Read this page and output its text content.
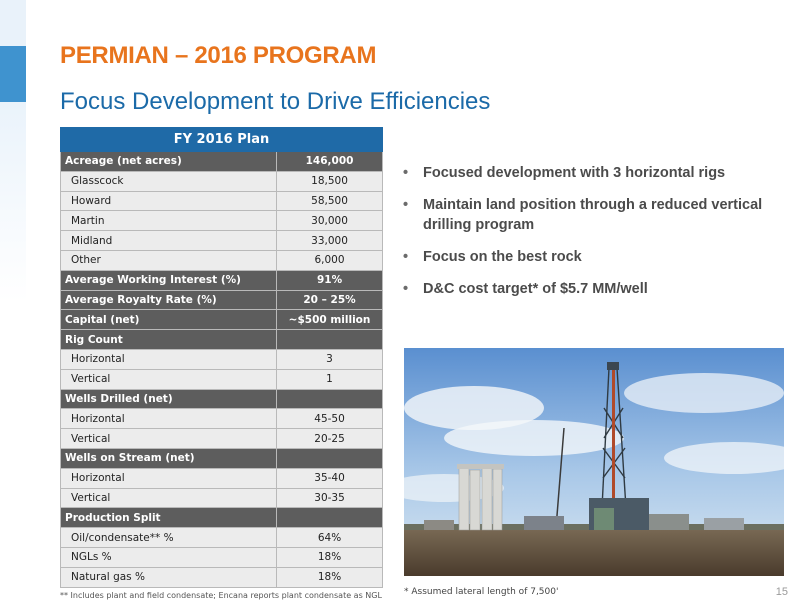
PERMIAN – 2016 PROGRAM
Focus Development to Drive Efficiencies
FY 2016 Plan	
Acreage (net acres)	146,000
Glasscock	18,500
Howard	58,500
Martin	30,000
Midland	33,000
Other	6,000
Average Working Interest (%)	91%
Average Royalty Rate (%)	20 – 25%
Capital (net)	~$500 million
Rig Count	
Horizontal	3
Vertical	1
Wells Drilled (net)	
Horizontal	45-50
Vertical	20-25
Wells on Stream (net)	
Horizontal	35-40
Vertical	30-35
Production Split	
Oil/condensate** %	64%
NGLs %	18%
Natural gas %	18%
• Focused development with 3 horizontal rigs
• Maintain land position through a reduced vertical drilling program
• Focus on the best rock
• D&C cost target* of $5.7 MM/well
** Includes plant and field condensate; Encana reports plant condensate as NGL * Assumed lateral length of 7,500'	15
